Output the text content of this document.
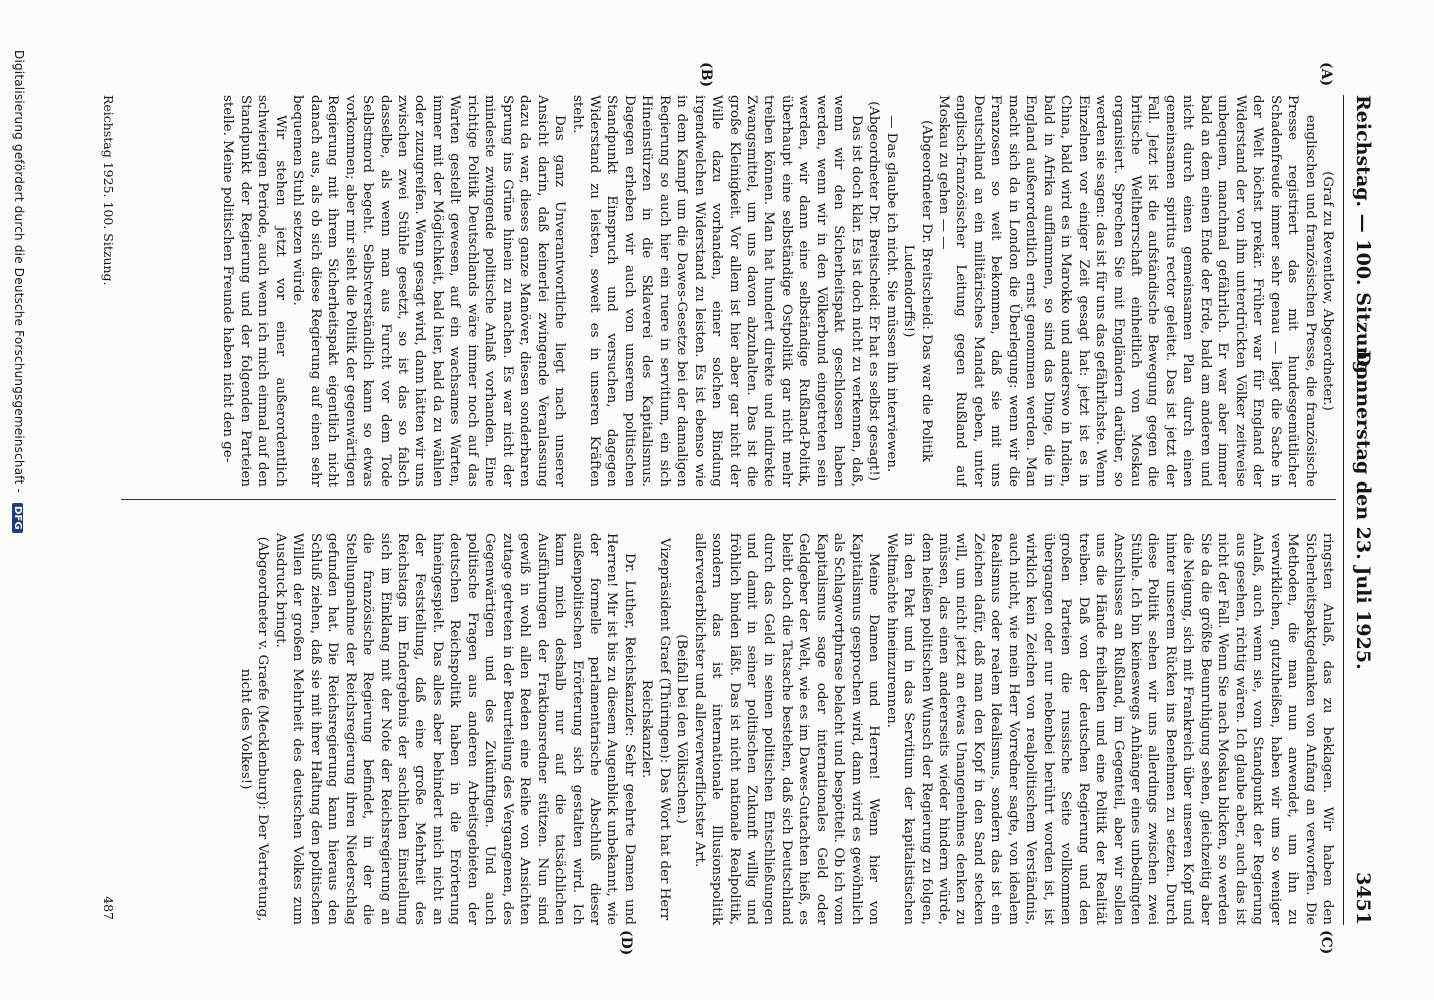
Reichstag. — 100. Sitzung.
Donnerstag den 23. Juli 1925.
3451
(A)
(B)
(C)
(D)

(Graf zu Reventlow, Abgeordneter.)

englischen und französischen Presse, die französische Presse registriert das mit hundesgemütlicher Schadenfreude immer sehr genau — liegt die Sache in der Welt höchst prekär. Früher war für England der Widerstand der von ihm unterdrückten Völker zeitweise unbequem, manchmal gefährlich. Er war aber immer bald an dem einen Ende der Erde, bald am anderen und nicht durch einen gemeinsamen Plan durch einen gemeinsamen spiritus rector geleitet. Das ist jetzt der Fall. Jetzt ist die aufständische Bewegung gegen die britische Weltherrschaft einheitlich von Moskau organisiert. Sprechen Sie mit Engländern darüber, so werden sie sagen: das ist für uns das gefährlichste. Wenn Einzelnen vor einiger Zeit gesagt hat: jetzt ist es in China, bald wird es in Marokko und anderswo in Indien, bald in Afrika aufflammen, so sind das Dinge, die in England außerordentlich ernst genommen werden. Man macht sich da in London die Überlegung: wenn wir die Franzosen so weit bekommen, daß sie mit uns Deutschland an ein militärisches Mandat geben, unter englisch-französischer Leitung gegen Rußland auf Moskau zu gehen — —

(Abgeordneter Dr. Breitscheid: Das war die Politik Ludendorffs!)

— Das glaube ich nicht. Sie müssen ihn interviewen.

(Abgeordneter Dr. Breitscheid: Er hat es selbst gesagt!)

Das ist doch klar. Es ist doch nicht zu verkennen, daß, wenn wir den Sicherheitspakt geschlossen haben werden, wenn wir in den Völkerbund eingetreten sein werden, wir dann eine selbständige Rußland-Politik, überhaupt eine selbständige Ostpolitik gar nicht mehr treiben können. Man hat hundert direkte und indirekte Zwangsmittel, um uns davon abzuhalten. Das ist die große Kleinigkeit. Vor allem ist hier aber gar nicht der Wille dazu vorhanden, einer solchen Bindung irgendwelchen Widerstand zu leisten. Es ist ebenso wie in dem Kampf um die Dawes-Gesetze bei der damaligen Regierung so auch hier ein ruere in servitium, ein sich Hineinstürzen in die Sklaverei des Kapitalismus. Dagegen erheben wir auch von unserem politischen Standpunkt Einspruch und versuchen, dagegen Widerstand zu leisten, soweit es in unseren Kräften steht.

Das ganz Unverantwortliche liegt nach unserer Ansicht darin, daß keinerlei zwingende Veranlassung dazu da war, dieses ganze Manöver, diesen sonderbaren Sprung ins Grüne hinein zu machen. Es war nicht der mindeste zwingende politische Anlaß vorhanden. Eine richtige Politik Deutschlands wäre immer noch auf das Warten gestellt gewesen, auf ein wachsames Warten, immer mit der Möglichkeit, bald hier, bald da zu wählen oder zuzugreifen. Wenn gesagt wird, dann hätten wir uns zwischen zwei Stühle gesetzt, so ist das so falsch dasselbe, als wenn man aus Furcht vor dem Tode Selbstmord begeht. Selbstverständlich kann so etwas vorkommen; aber mir sieht die Politik der gegenwärtigen Regierung mit ihrem Sicherheitspakt eigentlich nicht danach aus, als ob sich diese Regierung auf einen sehr bequemen Stuhl setzen würde.

Wir stehen jetzt vor einer außerordentlich schwierigen Periode, auch wenn ich mich einmal auf den Standpunkt der Regierung und der folgenden Parteien stelle. Meine politischen Freunde haben nicht den ge-

ringsten Anlaß, das zu beklagen. Wir haben den Sicherheitspaktgedanken von Anfang an verworfen. Die Methoden, die man nun anwendet, um ihn zu verwirklichen, gutzuheißen, haben wir um so weniger Anlaß, auch wenn sie, vom Standpunkt der Regierung aus gesehen, richtig wären. Ich glaube aber, auch das ist nicht der Fall. Wenn Sie nach Moskau blicken, so werden Sie da die größte Beunruhigung sehen, gleichzeitig aber die Neigung, sich mit Frankreich über unseren Kopf und hinter unserem Rücken ins Benehmen zu setzen. Durch diese Politik sehen wir uns allerdings zwischen zwei Stühle. Ich bin keineswegs Anhänger eines unbedingten Anschlusses an Rußland, im Gegenteil, aber wir sollen uns die Hände freihalten und eine Politik der Realität treiben. Daß von der deutschen Regierung und den großen Parteien die russische Seite vollkommen übergangen oder nur nebenbei berührt worden ist, ist wirklich kein Zeichen von realpolitischem Verständnis, auch nicht, wie mein Herr Vorredner sagte, von idealem Realismus oder realem Idealismus, sondern das ist ein Zeichen dafür, daß man den Kopf in den Sand stecken will, um nicht jetzt an etwas Unangenehmes denken zu müssen, das einen andererseits wieder hindern würde, dem heißen politischen Wunsch der Regierung zu folgen, in den Pakt und in das Servitium der kapitalistischen Weltmächte hineinzurennen.

Meine Damen und Herren! Wenn hier von Kapitalismus gesprochen wird, dann wird es gewöhnlich als Schlagwortphrase belacht und bespöttelt. Ob ich vom Kapitalismus sage oder internationales Geld oder Geldgeber der Welt, wie es im Dawes-Gutachten hieß, es bleibt doch die Tatsache bestehen, daß sich Deutschland durch das Geld in seinen politischen Entschließungen und damit in seiner politischen Zukunft willig und fröhlich binden läßt. Das ist nicht nationale Realpolitik, sondern das ist internationale Illusionspolitik allerverderblichster und allerverwerflichster Art.

(Beifall bei den Völkischen.)

Vizepräsident Graef (Thüringen): Das Wort hat der Herr Reichskanzler.

Dr. Luther, Reichskanzler: Sehr geehrte Damen und Herren! Mir ist bis zu diesem Augenblick unbekannt, wie der formelle parlamentarische Abschluß dieser außenpolitischen Erörterung sich gestalten wird. Ich kann mich deshalb nur auf die tatsächlichen Ausführungen der Fraktionsredner stützen. Nun sind gewiß in wohl allen Reden eine Reihe von Ansichten zutage getreten in der Beurteilung des Vergangenen, des Gegenwärtigen und des Zukünftigen. Und auch politische Fragen aus anderen Arbeitsgebieten der deutschen Reichspolitik haben in die Erörterung hineingespielt. Das alles aber behindert mich nicht an der Feststellung, daß eine große Mehrheit des Reichstags im Endergebnis der sachlichen Einstellung sich im Einklang mit der Note der Reichsregierung an die französische Regierung befindet, in der die Stellungnahme der Reichsregierung ihren Niederschlag gefunden hat. Die Reichsregierung kann hieraus den Schluß ziehen, daß sie mit ihrer Haltung den politischen Willen der großen Mehrheit des deutschen Volkes zum Ausdruck bringt.

(Abgeordneter v. Graefe (Mecklenburg): Der Vertretung, nicht des Volkes!)

Reichstag 1925. 100. Sitzung.
487
Digitalisierung gefördert durch die Deutsche Forschungsgemeinschaft - DFG
